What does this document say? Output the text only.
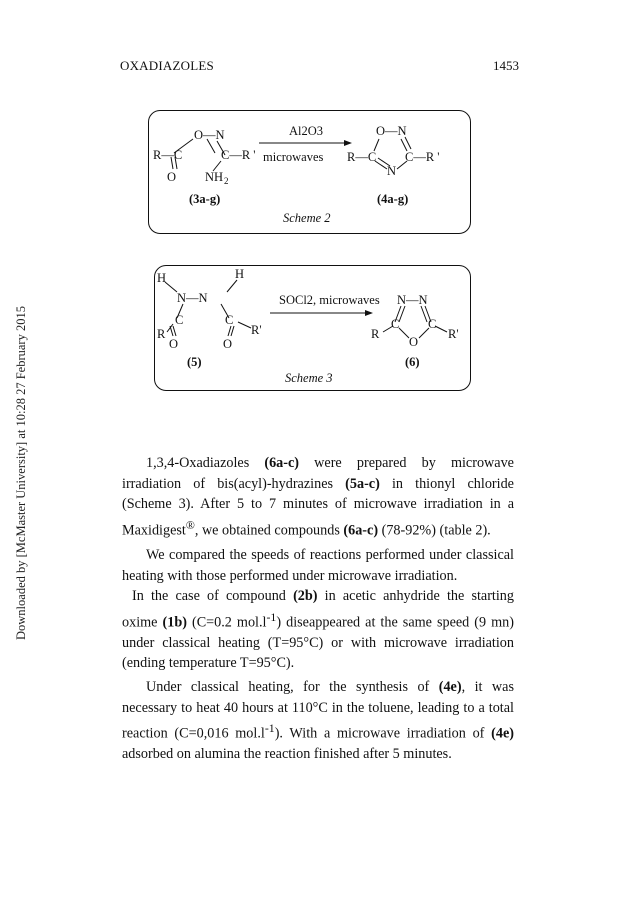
OXADIAZOLES	1453
Downloaded by [McMaster University] at 10:28 27 February 2015
O—N
R—C	C—R '
O NH 2
Al2O3
microwaves
O—N
R—C C—R '
N
(3a-g)	(4a-g)
Scheme 2
H	H
N—N
C	C
R	R'
O	O
SOCl2, microwaves N—N
C C
O
R	R'
(5)	(6)
Scheme 3

1,3,4-Oxadiazoles (6a-c) were prepared by microwave irradiation of bis(acyl)-hydrazines (5a-c) in thionyl chloride (Scheme 3). After 5 to 7 minutes of microwave irradiation in a Maxidigest®, we obtained compounds (6a-c) (78-92%) (table 2).

We compared the speeds of reactions performed under classical heating with those performed under microwave irradiation.

In the case of compound (2b) in acetic anhydride the starting oxime (1b) (C=0.2 $mol.l^{-1}$) diseappeared at the same speed (9 mn) under classical heating (T=95°C) or with microwave irradiation (ending temperature T=95°C).

Under classical heating, for the synthesis of (4e), it was necessary to heat 40 hours at 110°C in the toluene, leading to a total reaction (C=0,016 $mol.l^{-1}$). With a microwave irradiation of (4e) adsorbed on alumina the reaction finished after 5 minutes.
